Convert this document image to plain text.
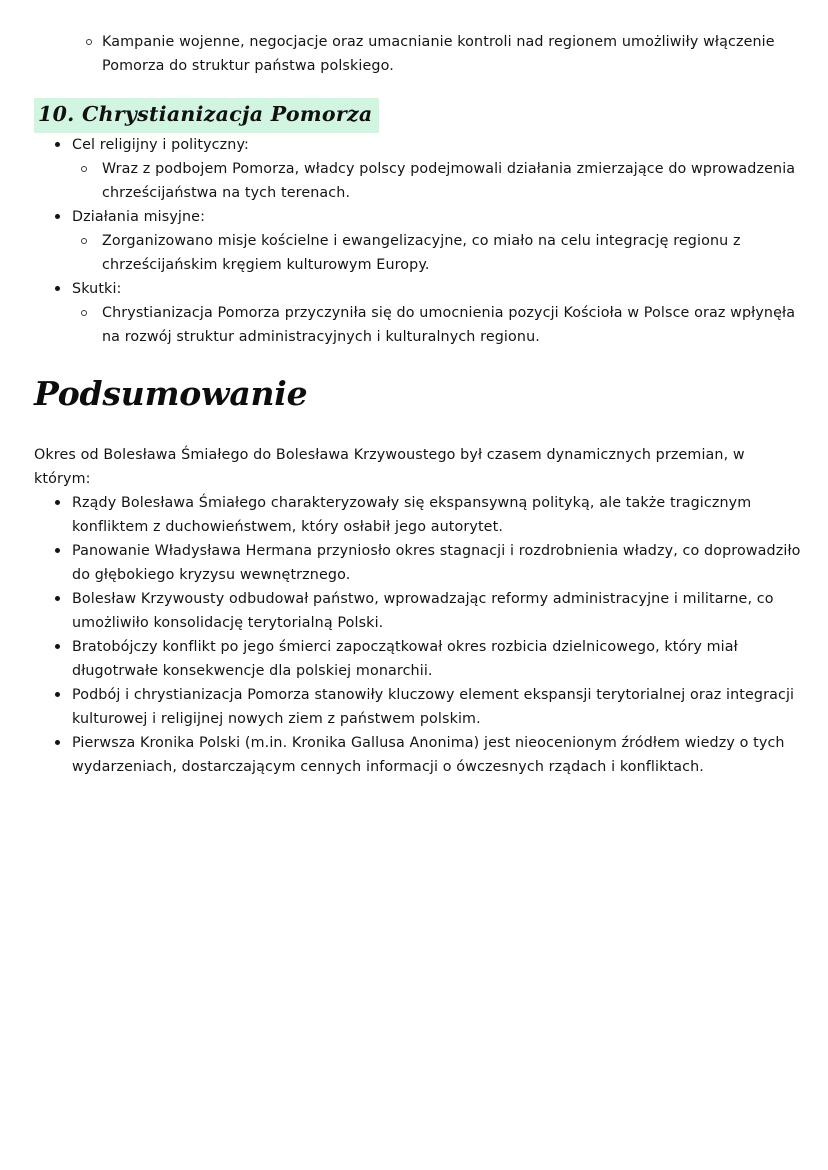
Kampanie wojenne, negocjacje oraz umacnianie kontroli nad regionem umożliwiły włączenie Pomorza do struktur państwa polskiego.
10. Chrystianizacja Pomorza
Cel religijny i polityczny:
Wraz z podbojem Pomorza, władcy polscy podejmowali działania zmierzające do wprowadzenia chrześcijaństwa na tych terenach.
Działania misyjne:
Zorganizowano misje kościelne i ewangelizacyjne, co miało na celu integrację regionu z chrześcijańskim kręgiem kulturowym Europy.
Skutki:
Chrystianizacja Pomorza przyczyniła się do umocnienia pozycji Kościoła w Polsce oraz wpłynęła na rozwój struktur administracyjnych i kulturalnych regionu.
Podsumowanie

Okres od Bolesława Śmiałego do Bolesława Krzywoustego był czasem dynamicznych przemian, w którym:

Rządy Bolesława Śmiałego charakteryzowały się ekspansywną polityką, ale także tragicznym konfliktem z duchowieństwem, który osłabił jego autorytet.
Panowanie Władysława Hermana przyniosło okres stagnacji i rozdrobnienia władzy, co doprowadziło do głębokiego kryzysu wewnętrznego.
Bolesław Krzywousty odbudował państwo, wprowadzając reformy administracyjne i militarne, co umożliwiło konsolidację terytorialną Polski.
Bratobójczy konflikt po jego śmierci zapoczątkował okres rozbicia dzielnicowego, który miał długotrwałe konsekwencje dla polskiej monarchii.
Podbój i chrystianizacja Pomorza stanowiły kluczowy element ekspansji terytorialnej oraz integracji kulturowej i religijnej nowych ziem z państwem polskim.
Pierwsza Kronika Polski (m.in. Kronika Gallusa Anonima) jest nieocenionym źródłem wiedzy o tych wydarzeniach, dostarczającym cennych informacji o ówczesnych rządach i konfliktach.
